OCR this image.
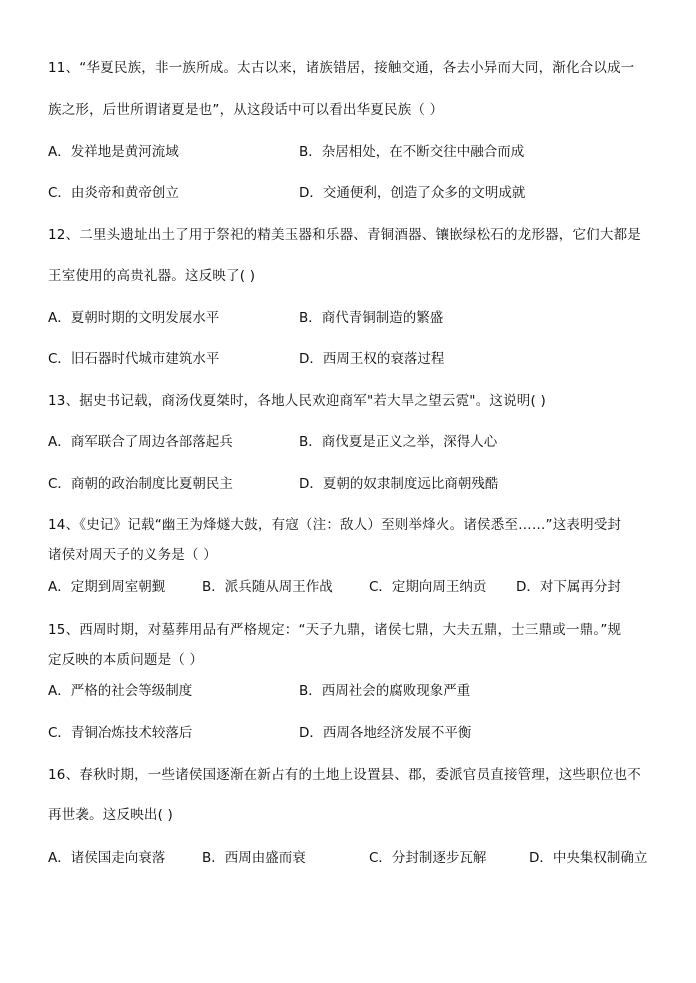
11、“华夏民族，非一族所成。太古以来，诸族错居，接触交通，各去小异而大同，渐化合以成一
族之形，后世所谓诸夏是也”，从这段话中可以看出华夏民族（ ）
A．发祥地是黄河流域	B．杂居相处，在不断交往中融合而成
C．由炎帝和黄帝创立	D．交通便利，创造了众多的文明成就
12、二里头遗址出土了用于祭祀的精美玉器和乐器、青铜酒器、镶嵌绿松石的龙形器，它们大都是
王室使用的高贵礼器。这反映了( )
A．夏朝时期的文明发展水平	B．商代青铜制造的繁盛
C．旧石器时代城市建筑水平	D．西周王权的衰落过程
13、据史书记载，商汤伐夏桀时，各地人民欢迎商军"若大旱之望云霓"。这说明( )
A．商军联合了周边各部落起兵	B．商伐夏是正义之举，深得人心
C．商朝的政治制度比夏朝民主	D．夏朝的奴隶制度远比商朝残酷
14、《史记》记载“幽王为烽燧大鼓，有寇（注：敌人）至则举烽火。诸侯悉至……”这表明受封
诸侯对周天子的义务是（ ）
A．定期到周室朝觐	B．派兵随从周王作战	C．定期向周王纳贡 D．对下属再分封
15、西周时期，对墓葬用品有严格规定：“天子九鼎，诸侯七鼎，大夫五鼎，士三鼎或一鼎。”规
定反映的本质问题是（ ）
A．严格的社会等级制度	B．西周社会的腐败现象严重
C．青铜冶炼技术较落后	D．西周各地经济发展不平衡
16、春秋时期，一些诸侯国逐渐在新占有的土地上设置县、郡，委派官员直接管理，这些职位也不
再世袭。这反映出( )
A．诸侯国走向衰落	B．西周由盛而衰	C．分封制逐步瓦解	D．中央集权制确立
